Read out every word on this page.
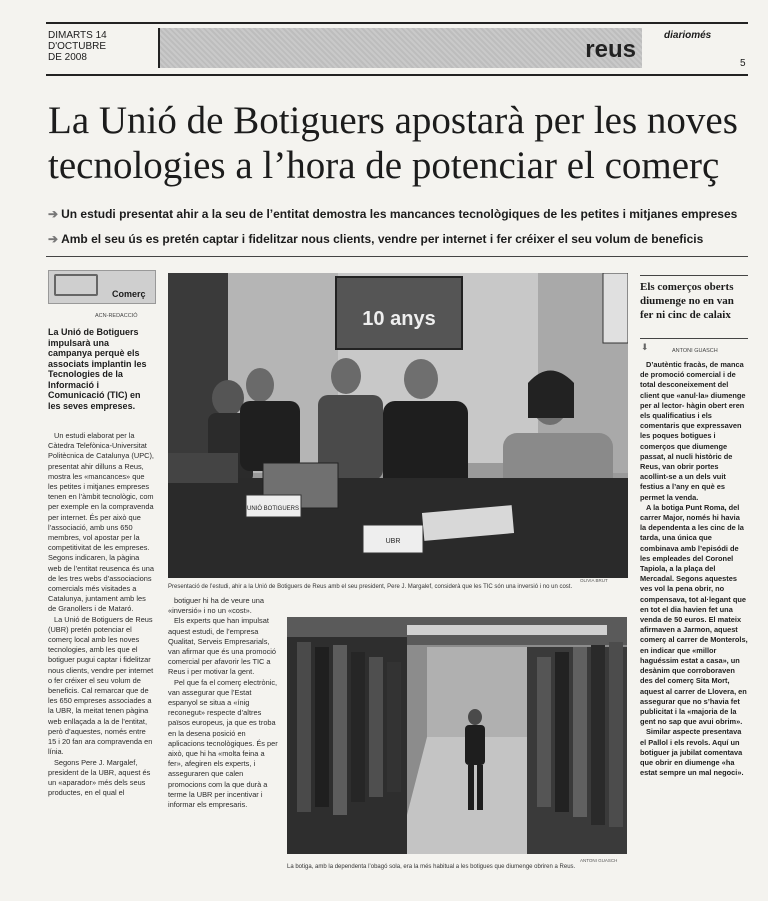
DIMARTS 14
D'OCTUBRE
DE 2008	reus
diariomés
5
La Unió de Botiguers apostarà per les noves tecnologies a l’hora de potenciar el comerç
➔ Un estudi presentat ahir a la seu de l’entitat demostra les mancances tecnològiques de les petites i mitjanes empreses
➔ Amb el seu ús es pretén captar i fidelitzar nous clients, vendre per internet i fer créixer el seu volum de beneficis
Comerç
ACN-REDACCIÓ
La Unió de Botiguers impulsarà una campanya perquè els associats implantin les Tecnologies de la Informació i Comunicació (TIC) en les seves empreses.

Un estudi elaborat per la Càtedra Telefònica-Universitat Politècnica de Catalunya (UPC), presentat ahir dilluns a Reus, mostra les «mancances» que les petites i mitjanes empreses tenen en l’àmbit tecnològic, com per exemple en la compravenda per internet. És per això que l’associació, amb uns 650 membres, vol apostar per la competitivitat de les empreses. Segons indicaren, la pàgina web de l’entitat reusenca és una de les tres webs d’associacions comercials més visitades a Catalunya, juntament amb les de Granollers i de Mataró.

La Unió de Botiguers de Reus (UBR) pretén potenciar el comerç local amb les noves tecnologies, amb les que el botiguer pugui captar i fidelitzar nous clients, vendre per internet o fer créixer el seu volum de beneficis. Cal remarcar que de les 650 empreses associades a la UBR, la meitat tenen pàgina web enllaçada a la de l’entitat, però d’aquestes, només entre 15 i 20 fan ara compravenda en línia.

Segons Pere J. Margalef, president de la UBR, aquest és un «aparador» més dels seus productes, en el qual el

10 anys
UNIÓ BOTIGUERS
UBR
OLIVIA BRUT
Presentació de l’estudi, ahir a la Unió de Botiguers de Reus amb el seu president, Pere J. Margalef, considerà que les TIC són una inversió i no un cost.

botiguer hi ha de veure una «inversió» i no un «cost».

Els experts que han impulsat aquest estudi, de l’empresa Qualitat, Serveis Empresarials, van afirmar que és una promoció comercial per afavorir les TIC a Reus i per motivar la gent.

Pel que fa el comerç electrònic, van assegurar que l’Estat espanyol se situa a «ínig reconegut» respecte d’altres països europeus, ja que es troba en la desena posició en aplicacions tecnològiques. És per això, que hi ha «molta feina a fer», afegiren els experts, i asseguraren que calen promocions com la que durà a terme la UBR per incentivar i informar els empresaris.

ANTONI GUASCH
La botiga, amb la dependenta l’obagó sola, era la més habitual a les botigues que diumenge obriren a Reus.
Els comerços oberts diumenge no en van fer ni cinc de calaix
⬇	ANTONI GUASCH

D’autèntic fracàs, de manca de promoció comercial i de total desconeixement del client que «anul·la» diumenge per al lector- hàgin obert eren els qualificatius i els comentaris que expressaven les poques botigues i comerços que diumenge passat, al nucli històric de Reus, van obrir portes acollint-se a un dels vuit festius a l’any en què es permet la venda.

A la botiga Punt Roma, del carrer Major, només hi havia la dependenta a les cinc de la tarda, una única que combinava amb l’episódi de les empleades del Coronel Tapiola, a la plaça del Mercadal. Segons aquestes ves vol la pena obrir, no compensava, tot al·legant que en tot el dia havien fet una venda de 50 euros. El mateix afirmaven a Jarmon, aquest comerç al carrer de Monterols, en indicar que «millor haguéssim estat a casa», un desànim que corroboraven des del comerç Sita Mort, aquest al carrer de Llovera, en assegurar que no s’havia fet publicitat i la «majoria de la gent no sap que avui obrim».

Similar aspecte presentava el Pallol i els revols. Aquí un botiguer ja jubilat comentava que obrir en diumenge «ha estat sempre un mal negoci».
